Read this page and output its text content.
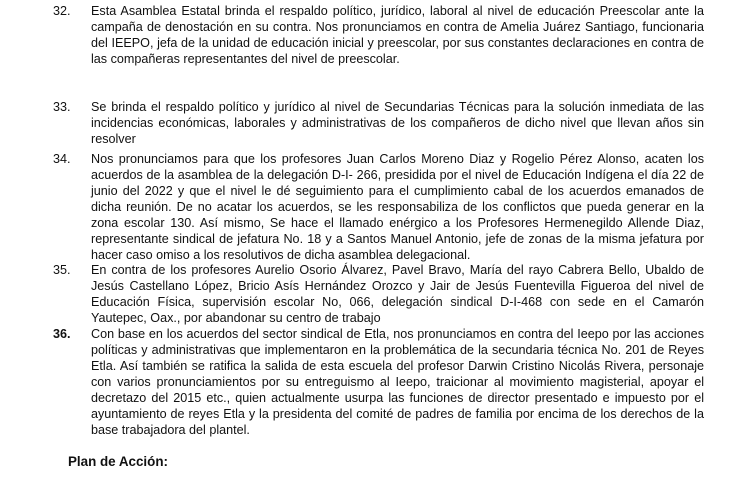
32.	Esta Asamblea Estatal brinda el respaldo político, jurídico, laboral al nivel de educación Preescolar ante la campaña de denostación en su contra. Nos pronunciamos en contra de Amelia Juárez Santiago, funcionaria del IEEPO, jefa de la unidad de educación inicial y preescolar, por sus constantes declaraciones en contra de las compañeras representantes del nivel de preescolar.
33.	Se brinda el respaldo político y jurídico al nivel de Secundarias Técnicas para la solución inmediata de las incidencias económicas, laborales y administrativas de los compañeros de dicho nivel que llevan años sin resolver
34.	Nos pronunciamos para que los profesores Juan Carlos Moreno Diaz y Rogelio Pérez Alonso, acaten los acuerdos de la asamblea de la delegación D-I- 266, presidida por el nivel de Educación Indígena el día 22 de junio del 2022 y que el nivel le dé seguimiento para el cumplimiento cabal de los acuerdos emanados de dicha reunión. De no acatar los acuerdos, se les responsabiliza de los conflictos que pueda generar en la zona escolar 130. Así mismo, Se hace el llamado enérgico a los Profesores Hermenegildo Allende Diaz, representante sindical de jefatura No. 18 y a Santos Manuel Antonio, jefe de zonas de la misma jefatura por hacer caso omiso a los resolutivos de dicha asamblea delegacional.
35.	En contra de los profesores Aurelio Osorio Álvarez, Pavel Bravo, María del rayo Cabrera Bello, Ubaldo de Jesús Castellano López, Bricio Asís Hernández Orozco y Jair de Jesús Fuentevilla Figueroa del nivel de Educación Física, supervisión escolar No, 066, delegación sindical D-I-468 con sede en el Camarón Yautepec, Oax., por abandonar su centro de trabajo
36.	Con base en los acuerdos del sector sindical de Etla, nos pronunciamos en contra del Ieepo por las acciones políticas y administrativas que implementaron en la problemática de la secundaria técnica No. 201 de Reyes Etla. Así también se ratifica la salida de esta escuela del profesor Darwin Cristino Nicolás Rivera, personaje con varios pronunciamientos por su entreguismo al Ieepo, traicionar al movimiento magisterial, apoyar el decretazo del 2015 etc., quien actualmente usurpa las funciones de director presentado e impuesto por el ayuntamiento de reyes Etla y la presidenta del comité de padres de familia por encima de los derechos de la base trabajadora del plantel.
Plan de Acción:
